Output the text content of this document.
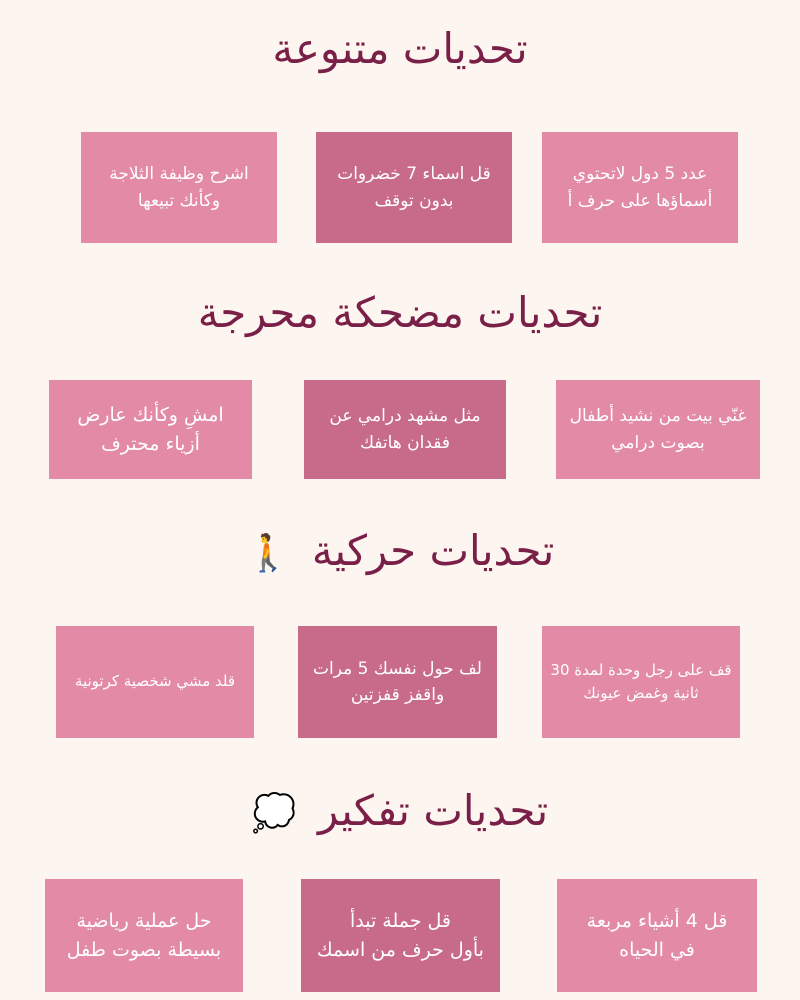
تحديات متنوعة
عدد 5 دول لاتحتوي
أسماؤها على حرف أ
قل اسماء 7 خضروات
بدون توقف
اشرح وظيفة الثلاجة
وكأنك تبيعها
تحديات مضحكة محرجة
غنّي بيت من نشيد أطفال
بصوت درامي
مثل مشهد درامي عن
فقدان هاتفك
امشِ وكأنك عارض
أزياء محترف
تحديات حركية 🚶
قف على رجل وحدة لمدة 30
ثانية وغمض عيونك
لف حول نفسك 5 مرات
واقفز قفزتين
قلد مشي شخصية كرتونية
تحديات تفكير 💭
قل 4 أشياء مربعة
في الحياه
قل جملة تبدأ
بأول حرف من اسمك
حل عملية رياضية
بسيطة بصوت طفل
